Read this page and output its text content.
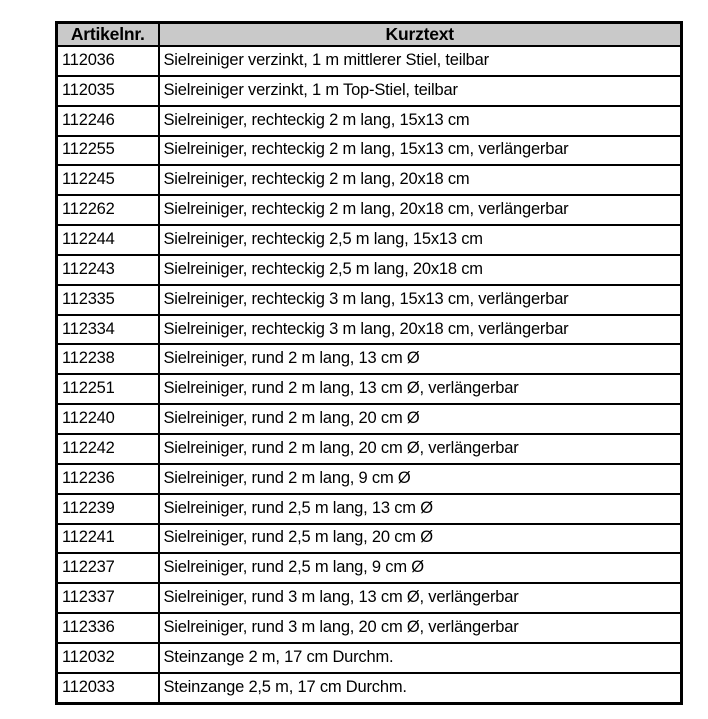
Artikelnr.	Kurztext
112036	Sielreiniger verzinkt, 1 m mittlerer Stiel, teilbar
112035	Sielreiniger verzinkt, 1 m Top-Stiel, teilbar
112246	Sielreiniger, rechteckig 2 m lang, 15x13 cm
112255	Sielreiniger, rechteckig 2 m lang, 15x13 cm, verlängerbar
112245	Sielreiniger, rechteckig 2 m lang, 20x18 cm
112262	Sielreiniger, rechteckig 2 m lang, 20x18 cm, verlängerbar
112244	Sielreiniger, rechteckig 2,5 m lang, 15x13 cm
112243	Sielreiniger, rechteckig 2,5 m lang, 20x18 cm
112335	Sielreiniger, rechteckig 3 m lang, 15x13 cm, verlängerbar
112334	Sielreiniger, rechteckig 3 m lang, 20x18 cm, verlängerbar
112238	Sielreiniger, rund 2 m lang, 13 cm Ø
112251	Sielreiniger, rund 2 m lang, 13 cm Ø, verlängerbar
112240	Sielreiniger, rund 2 m lang, 20 cm Ø
112242	Sielreiniger, rund 2 m lang, 20 cm Ø, verlängerbar
112236	Sielreiniger, rund 2 m lang, 9 cm Ø
112239	Sielreiniger, rund 2,5 m lang, 13 cm Ø
112241	Sielreiniger, rund 2,5 m lang, 20 cm Ø
112237	Sielreiniger, rund 2,5 m lang, 9 cm Ø
112337	Sielreiniger, rund 3 m lang, 13 cm Ø, verlängerbar
112336	Sielreiniger, rund 3 m lang, 20 cm Ø, verlängerbar
112032	Steinzange 2 m, 17 cm Durchm.
112033	Steinzange 2,5 m, 17 cm Durchm.
